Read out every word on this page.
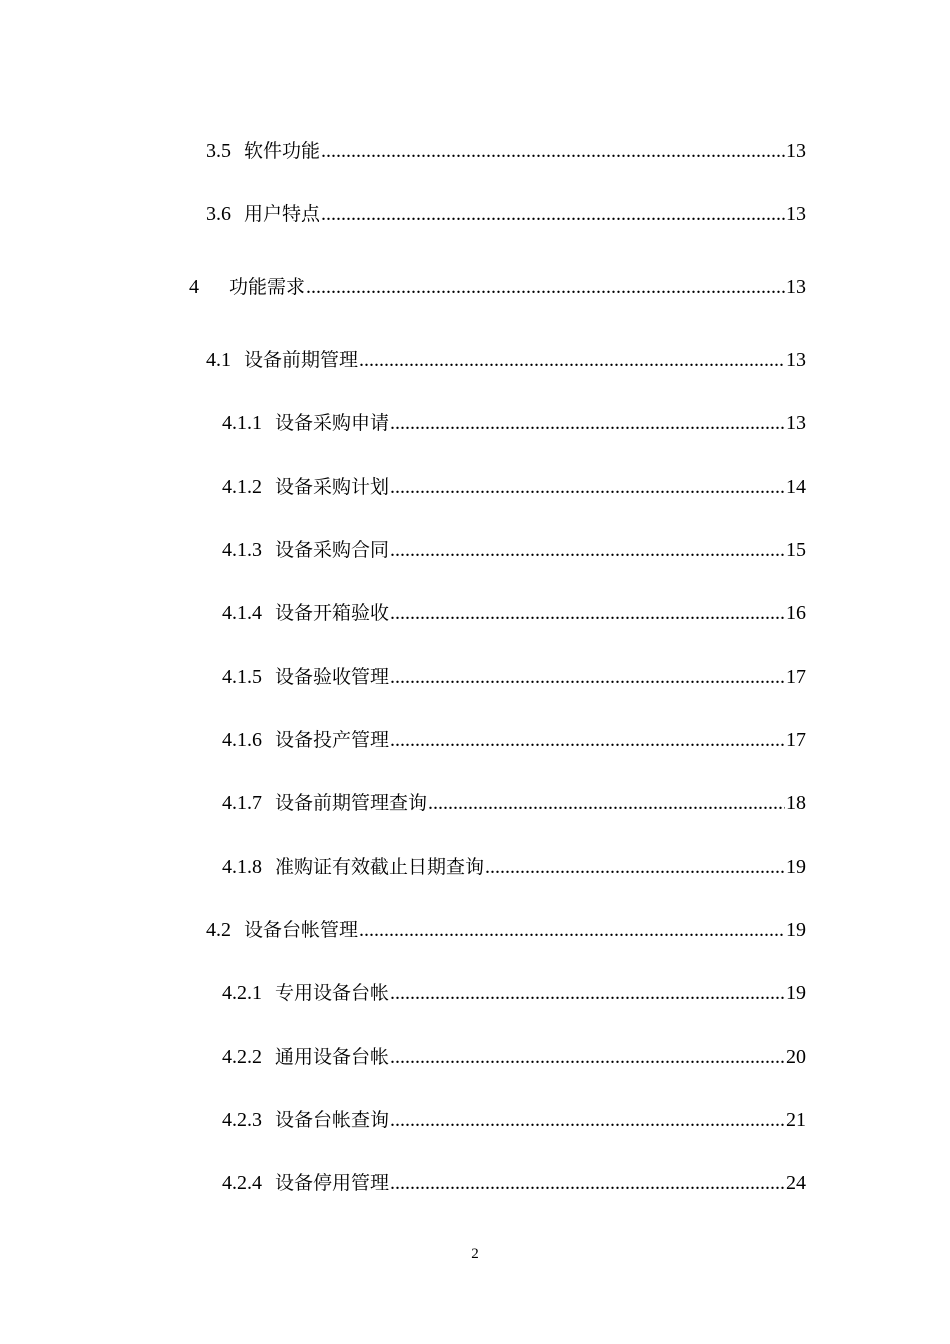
3.5 软件功能 .....	13
3.6 用户特点 .....	13
4	功能需求 .....	13
4.1 设备前期管理 .....	13
4.1.1 设备采购申请 .....	13
4.1.2 设备采购计划 .....	14
4.1.3 设备采购合同 .....	15
4.1.4 设备开箱验收 .....	16
4.1.5 设备验收管理 .....	17
4.1.6 设备投产管理 .....	17
4.1.7 设备前期管理查询 .....	18
4.1.8 准购证有效截止日期查询 .....	19
4.2 设备台帐管理 .....	19
4.2.1 专用设备台帐 .....	19
4.2.2 通用设备台帐 .....	20
4.2.3 设备台帐查询 .....	21
4.2.4 设备停用管理 .....	24
2
